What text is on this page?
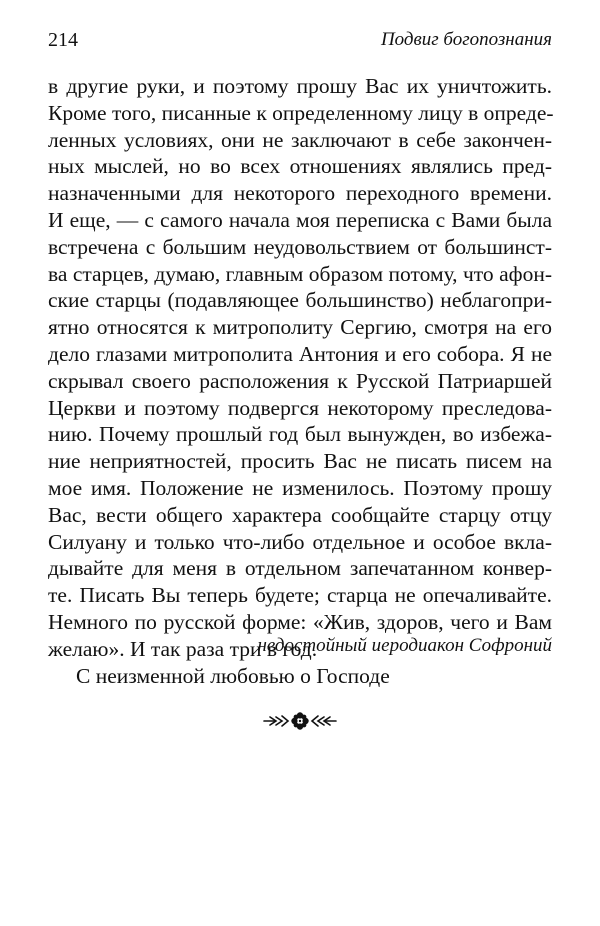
214	Подвиг богопознания
в другие руки, и поэтому прошу Вас их уничтожить.
Кроме того, писанные к определенному лицу в опреде-
ленных условиях, они не заключают в себе закончен-
ных мыслей, но во всех отношениях являлись пред-
назначенными для некоторого переходного времени.
И еще, — с самого начала моя переписка с Вами была
встречена с большим неудовольствием от большинст-
ва старцев, думаю, главным образом потому, что афон-
ские старцы (подавляющее большинство) неблагопри-
ятно относятся к митрополиту Сергию, смотря на его
дело глазами митрополита Антония и его собора. Я не
скрывал своего расположения к Русской Патриаршей
Церкви и поэтому подвергся некоторому преследова-
нию. Почему прошлый год был вынужден, во избежа-
ние неприятностей, просить Вас не писать писем на
мое имя. Положение не изменилось. Поэтому прошу
Вас, вести общего характера сообщайте старцу отцу
Силуану и только что-либо отдельное и особое вкла-
дывайте для меня в отдельном запечатанном конвер-
те. Писать Вы теперь будете; старца не опечаливайте.
Немного по русской форме: «Жив, здоров, чего и Вам
желаю». И так раза три в год.
С неизменной любовью о Господе
недостойный иеродиакон Софроний
